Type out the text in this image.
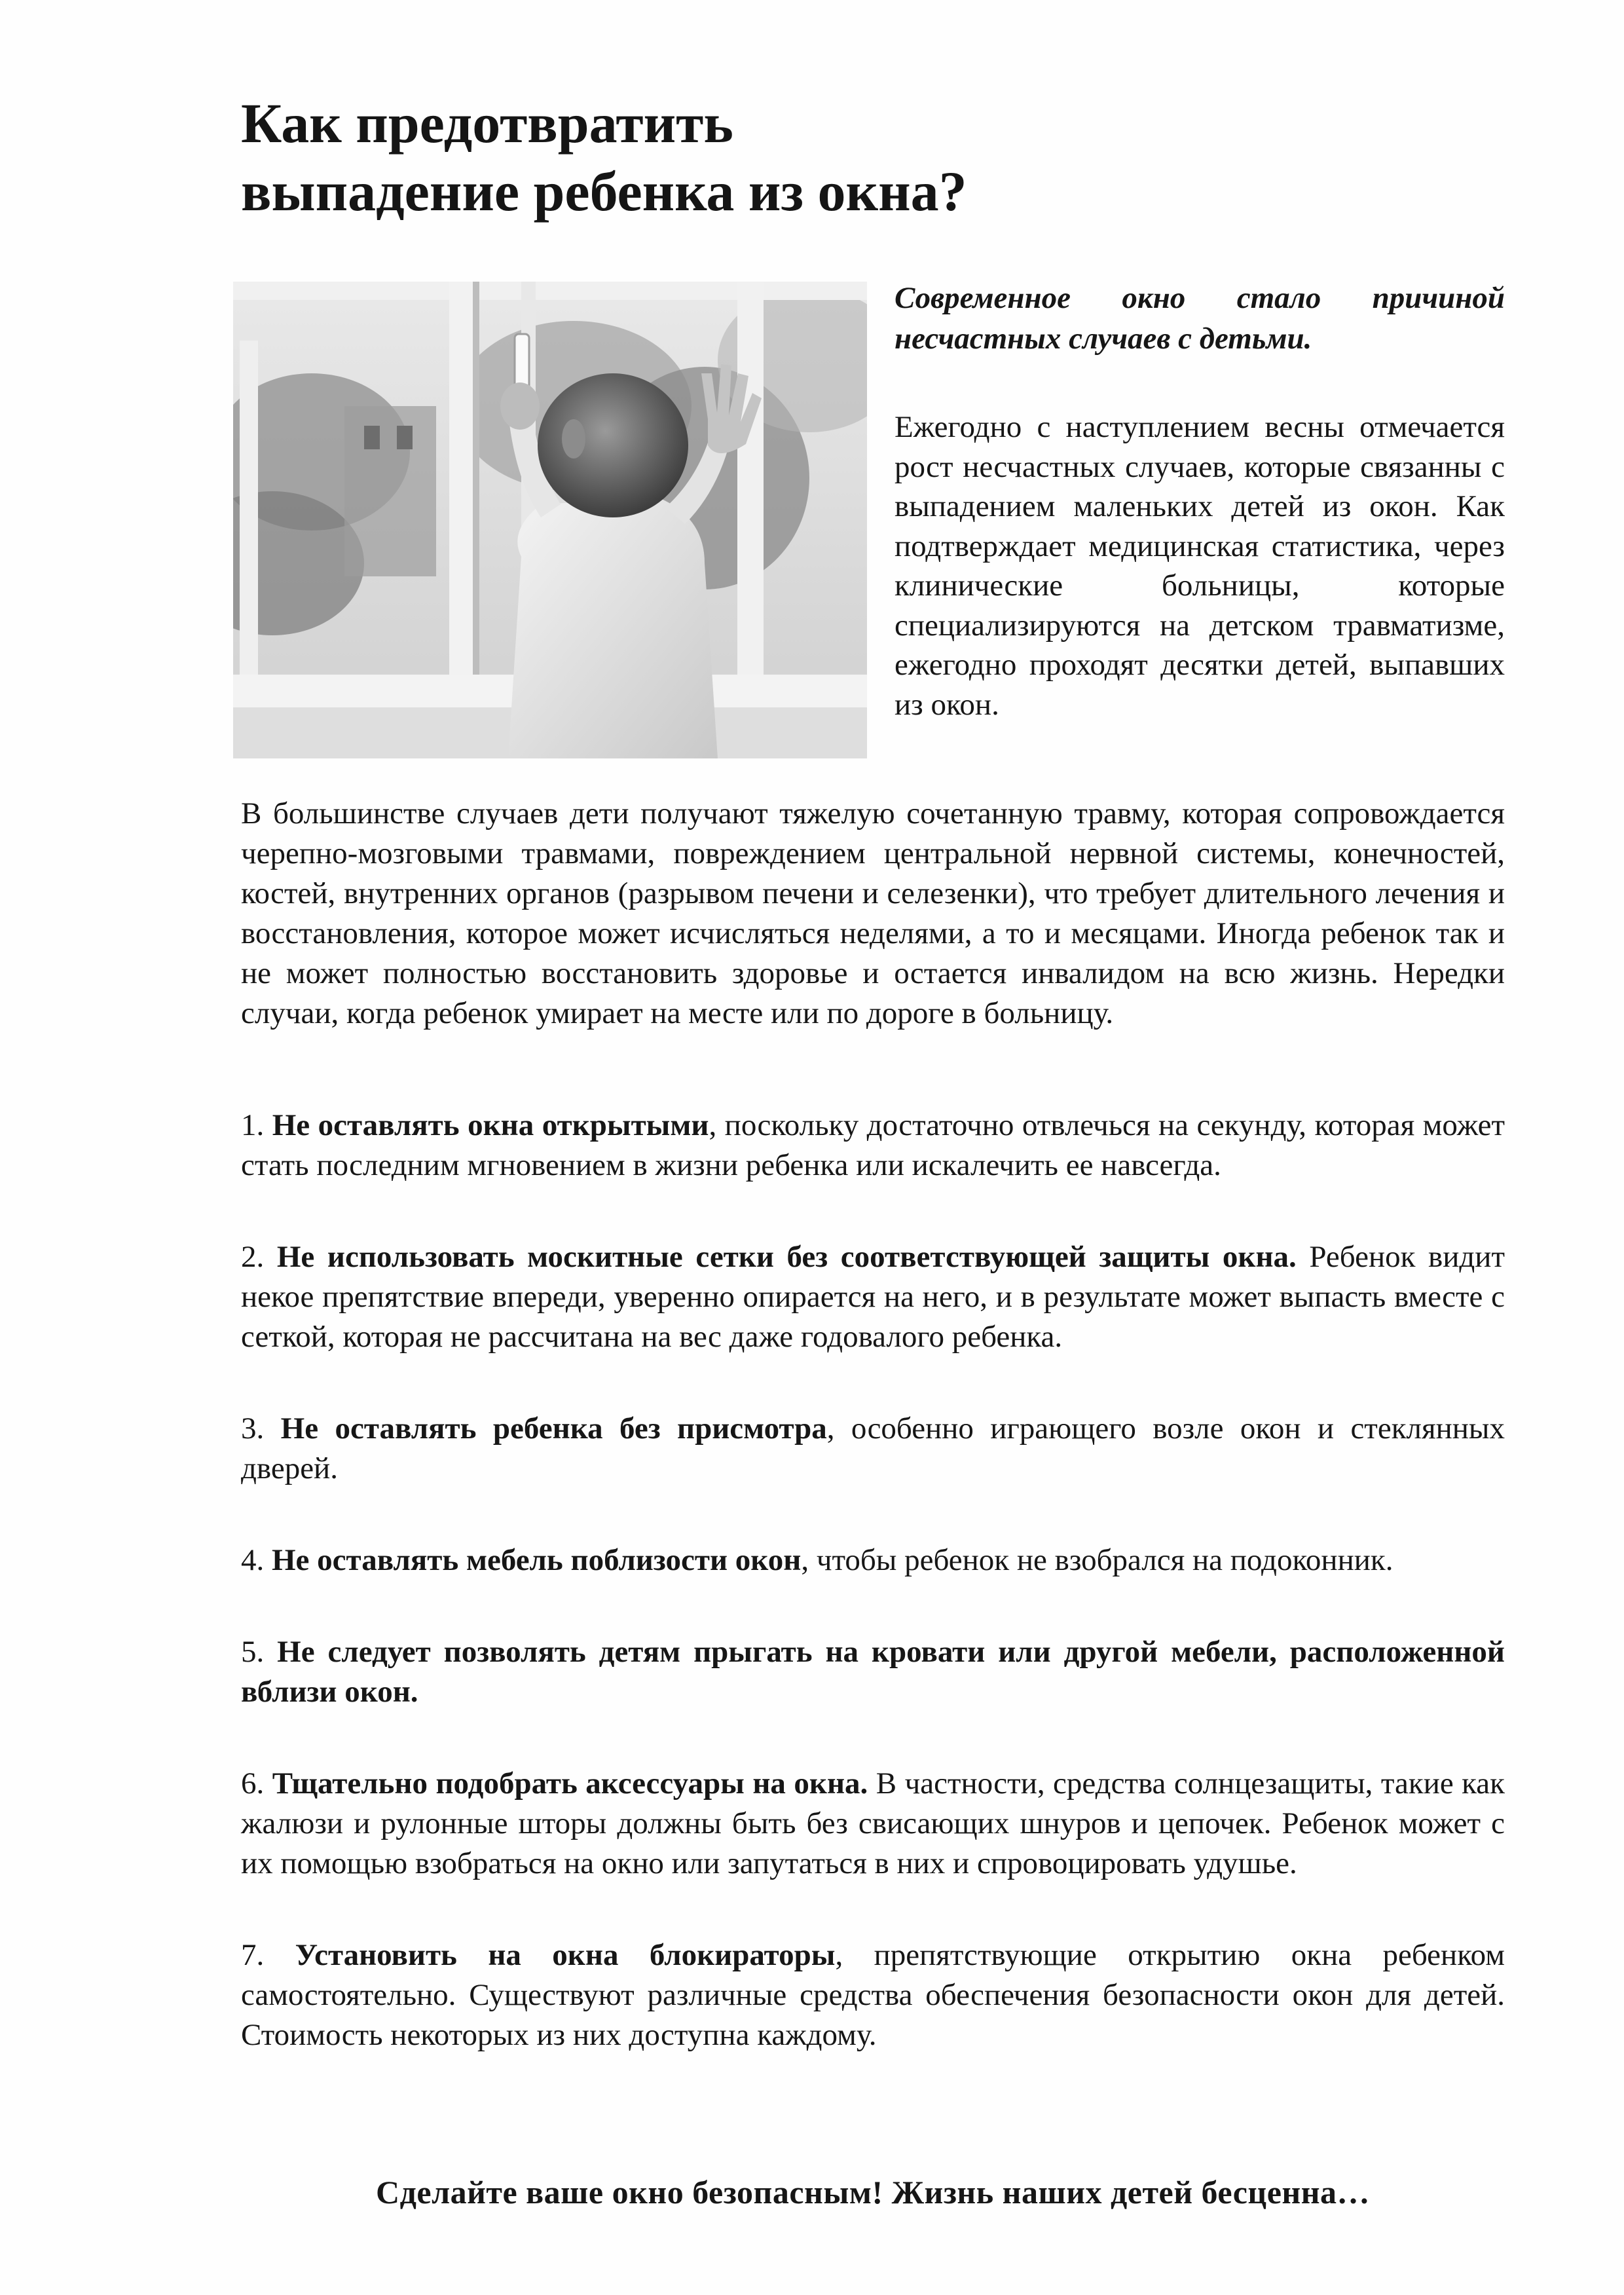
Как предотвратить
выпадение ребенка из окна?

Современное окно стало причиной несчастных случаев с детьми.

Ежегодно с наступлением весны отмечается рост несчастных случаев, которые связанны с выпадением маленьких детей из окон. Как подтверждает медицинская статистика, через клинические больницы, которые специализируются на детском травматизме, ежегодно проходят десятки детей, выпавших из окон.

В большинстве случаев дети получают тяжелую сочетанную травму, которая сопровождается черепно-мозговыми травмами, повреждением центральной нервной системы, конечностей, костей, внутренних органов (разрывом печени и селезенки), что требует длительного лечения и восстановления, которое может исчисляться неделями, а то и месяцами. Иногда ребенок так и не может полностью восстановить здоровье и остается инвалидом на всю жизнь. Нередки случаи, когда ребенок умирает на месте или по дороге в больницу.

1. Не оставлять окна открытыми, поскольку достаточно отвлечься на секунду, которая может стать последним мгновением в жизни ребенка или искалечить ее навсегда.
2. Не использовать москитные сетки без соответствующей защиты окна. Ребенок видит некое препятствие впереди, уверенно опирается на него, и в результате может выпасть вместе с сеткой, которая не рассчитана на вес даже годовалого ребенка.
3. Не оставлять ребенка без присмотра, особенно играющего возле окон и стеклянных дверей.
4. Не оставлять мебель поблизости окон, чтобы ребенок не взобрался на подоконник.
5. Не следует позволять детям прыгать на кровати или другой мебели, расположенной вблизи окон.
6. Тщательно подобрать аксессуары на окна. В частности, средства солнцезащиты, такие как жалюзи и рулонные шторы должны быть без свисающих шнуров и цепочек. Ребенок может с их помощью взобраться на окно или запутаться в них и спровоцировать удушье.
7. Установить на окна блокираторы, препятствующие открытию окна ребенком самостоятельно. Существуют различные средства обеспечения безопасности окон для детей. Стоимость некоторых из них доступна каждому.

Сделайте ваше окно безопасным! Жизнь наших детей бесценна…
